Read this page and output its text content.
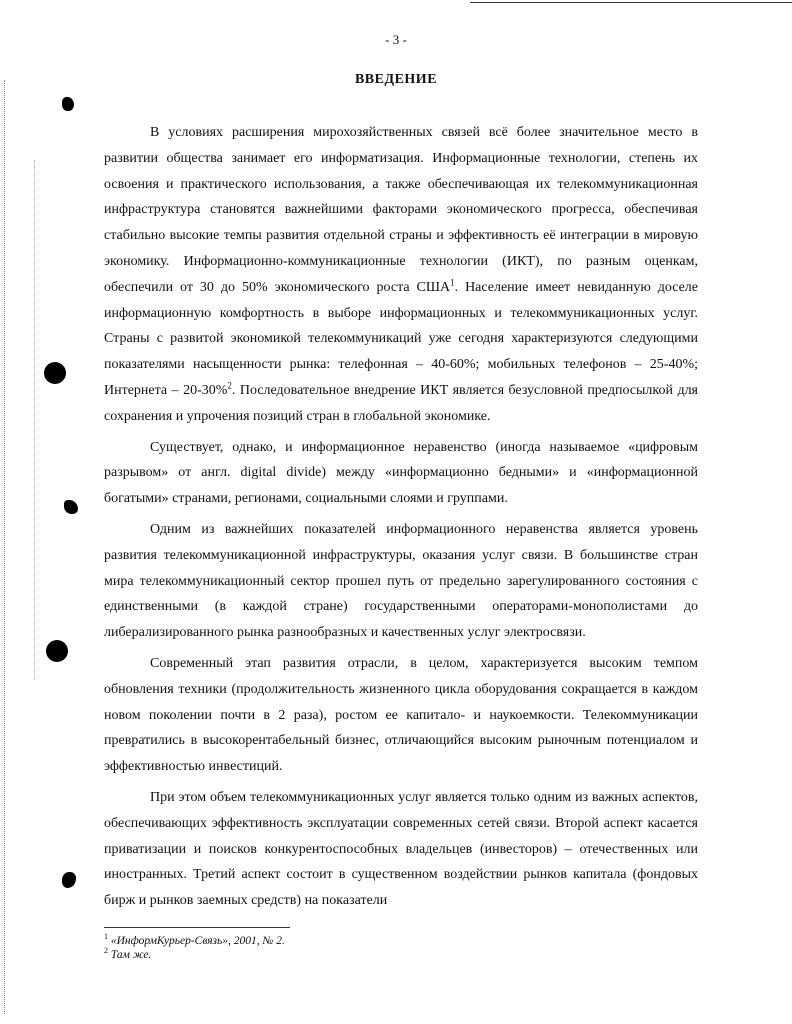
- 3 -
ВВЕДЕНИЕ

В условиях расширения мирохозяйственных связей всё более значительное место в развитии общества занимает его информатизация. Информационные технологии, степень их освоения и практического использования, а также обеспечивающая их телекоммуникационная инфраструктура становятся важнейшими факторами экономического прогресса, обеспечивая стабильно высокие темпы развития отдельной страны и эффективность её интеграции в мировую экономику. Информационно-коммуникационные технологии (ИКТ), по разным оценкам, обеспечили от 30 до 50% экономического роста США$^1$. Население имеет невиданную доселе информационную комфортность в выборе информационных и телекоммуникационных услуг. Страны с развитой экономикой телекоммуникаций уже сегодня характеризуются следующими показателями насыщенности рынка: телефонная – 40-60%; мобильных телефонов – 25-40%; Интернета – 20-30%$^2$. Последовательное внедрение ИКТ является безусловной предпосылкой для сохранения и упрочения позиций стран в глобальной экономике.

Существует, однако, и информационное неравенство (иногда называемое «цифровым разрывом» от англ. digital divide) между «информационно бедными» и «информационной богатыми» странами, регионами, социальными слоями и группами.

Одним из важнейших показателей информационного неравенства является уровень развития телекоммуникационной инфраструктуры, оказания услуг связи. В большинстве стран мира телекоммуникационный сектор прошел путь от предельно зарегулированного состояния с единственными (в каждой стране) государственными операторами-монополистами до либерализированного рынка разнообразных и качественных услуг электросвязи.

Современный этап развития отрасли, в целом, характеризуется высоким темпом обновления техники (продолжительность жизненного цикла оборудования сокращается в каждом новом поколении почти в 2 раза), ростом ее капитало- и наукоемкости. Телекоммуникации превратились в высокорентабельный бизнес, отличающийся высоким рыночным потенциалом и эффективностью инвестиций.

При этом объем телекоммуникационных услуг является только одним из важных аспектов, обеспечивающих эффективность эксплуатации современных сетей связи. Второй аспект касается приватизации и поисков конкурентоспособных владельцев (инвесторов) – отечественных или иностранных. Третий аспект состоит в существенном воздействии рынков капитала (фондовых бирж и рынков заемных средств) на показатели

$^1$ «ИнформКурьер-Связь», 2001, № 2.
$^2$ Там же.
